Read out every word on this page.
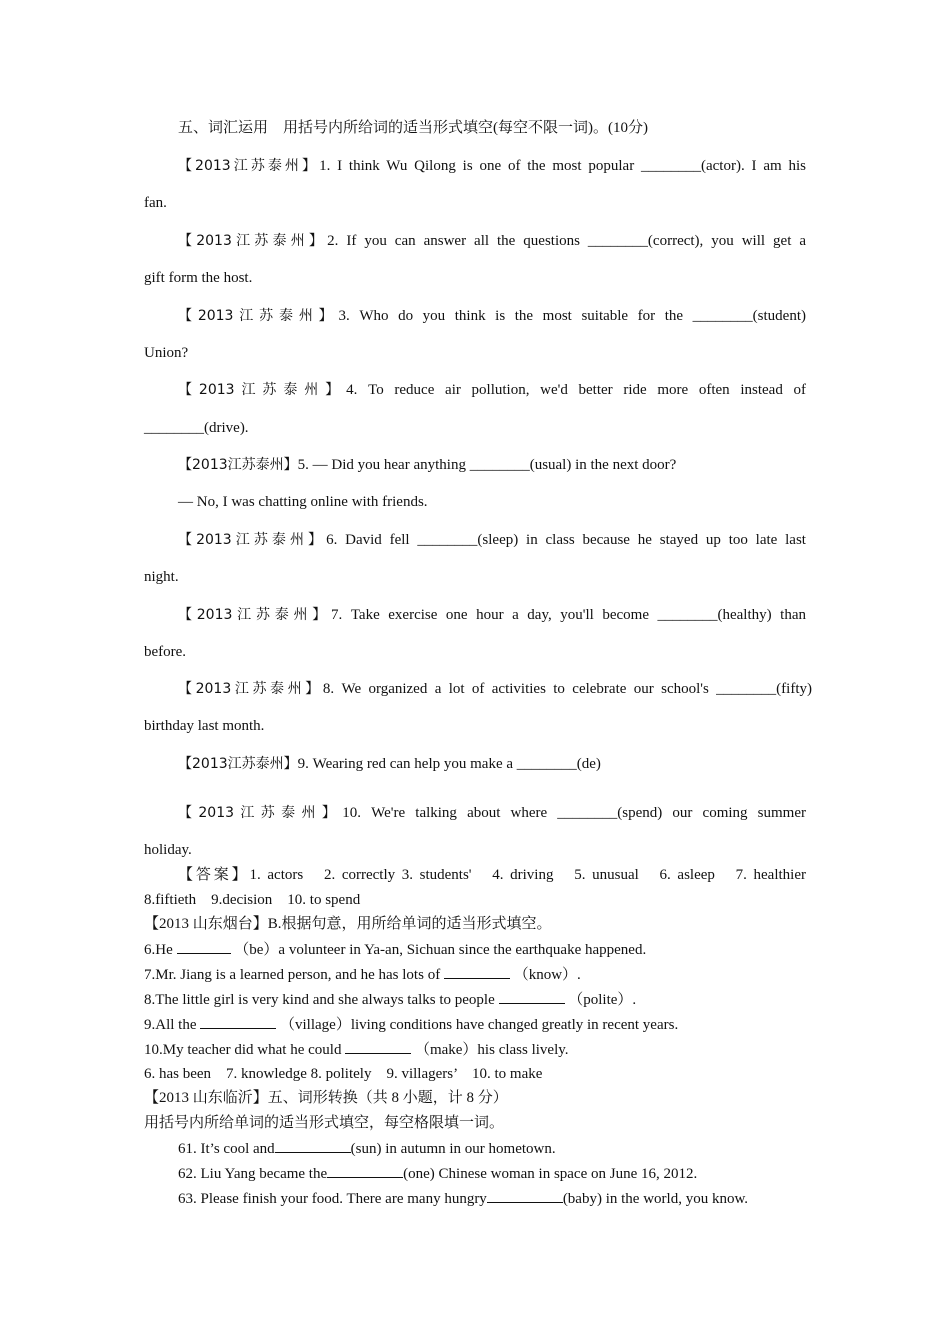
五、词汇运用　用括号内所给词的适当形式填空(每空不限一词)。(10分)
【2013江苏泰州】1. I think Wu Qilong is one of the most popular ________(actor). I am his
fan.
【2013江苏泰州】2. If you can answer all the questions ________(correct), you will get a
gift form the host.
【2013江苏泰州】3. Who do you think is the most suitable for the ________(student)
Union?
【2013江苏泰州】4. To reduce air pollution, we'd better ride more often instead of
________(drive).
【2013江苏泰州】5. — Did you hear anything ________(usual) in the next door?
— No, I was chatting online with friends.
【2013江苏泰州】6. David fell ________(sleep) in class because he stayed up too late last
night.
【2013江苏泰州】7. Take exercise one hour a day, you'll become ________(healthy) than
before.
【2013江苏泰州】8. We organized a lot of activities to celebrate our school's ________(fifty)
birthday last month.
【2013江苏泰州】9. Wearing red can help you make a ________(de)
【2013江苏泰州】10. We're talking about where ________(spend) our coming summer
holiday.
【答案】1. actors　2. correctly 3. students'　4. driving　5. unusual　6. asleep　7. healthier
8.fiftieth　9.decision　10. to spend
【2013 山东烟台】B.根据句意，用所给单词的适当形式填空。
6.He	（be）a volunteer in Ya-an, Sichuan since the earthquake happened.
7.Mr. Jiang is a learned person, and he has lots of	（know）.
8.The little girl is very kind and she always talks to people	（polite）.
9.All the	（village）living conditions have changed greatly in recent years.
10.My teacher did what he could	（make）his class lively.
6. has been　7. knowledge 8. politely　9. villagers’　10. to make
【2013 山东临沂】五、词形转换（共 8 小题，计 8 分）
用括号内所给单词的适当形式填空，每空格限填一词。
61. It’s cool and	(sun) in autumn in our hometown.
62. Liu Yang became the	(one) Chinese woman in space on June 16, 2012.
63. Please finish your food. There are many hungry	(baby) in the world, you know.
